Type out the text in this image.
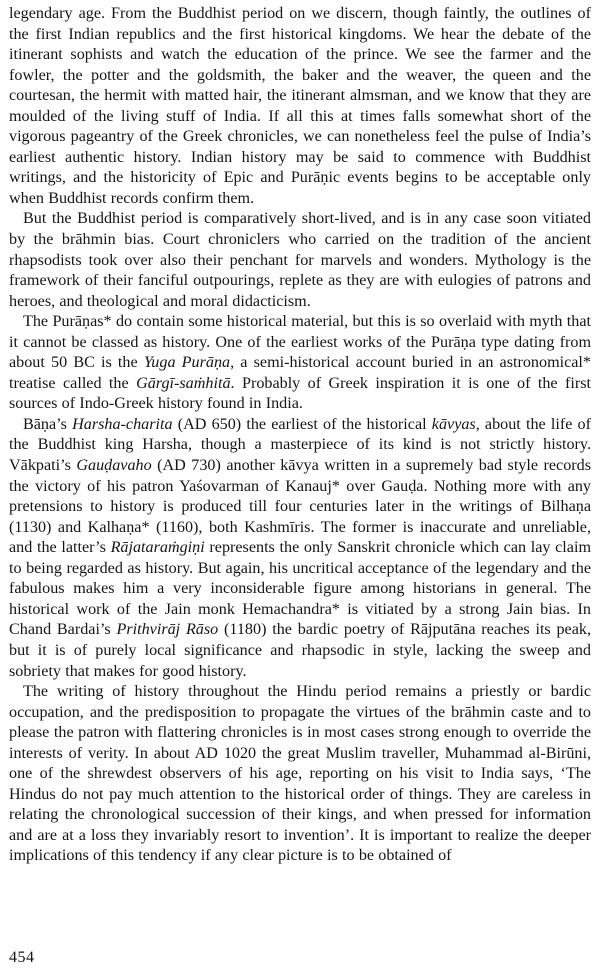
legendary age. From the Buddhist period on we discern, though faintly, the outlines of the first Indian republics and the first historical kingdoms. We hear the debate of the itinerant sophists and watch the education of the prince. We see the farmer and the fowler, the potter and the goldsmith, the baker and the weaver, the queen and the courtesan, the hermit with matted hair, the itinerant almsman, and we know that they are moulded of the living stuff of India. If all this at times falls somewhat short of the vigorous pageantry of the Greek chronicles, we can nonetheless feel the pulse of India’s earliest authentic history. Indian history may be said to commence with Buddhist writings, and the historicity of Epic and Purāṇic events begins to be acceptable only when Buddhist records confirm them.

But the Buddhist period is comparatively short-lived, and is in any case soon vitiated by the brāhmin bias. Court chroniclers who carried on the tradition of the ancient rhapsodists took over also their penchant for marvels and wonders. Mythology is the framework of their fanciful outpourings, replete as they are with eulogies of patrons and heroes, and theological and moral didacticism.

The Purāṇas* do contain some historical material, but this is so overlaid with myth that it cannot be classed as history. One of the earliest works of the Purāṇa type dating from about 50 BC is the Yuga Purāṇa, a semi-historical account buried in an astronomical* treatise called the Gārgī-saṁhitā. Probably of Greek inspiration it is one of the first sources of Indo-Greek history found in India.

Bāṇa’s Harsha-charita (AD 650) the earliest of the historical kāvyas, about the life of the Buddhist king Harsha, though a masterpiece of its kind is not strictly history. Vākpati’s Gauḍavaho (AD 730) another kāvya written in a supremely bad style records the victory of his patron Yaśovarman of Kanauj* over Gauḍa. Nothing more with any pretensions to history is produced till four centuries later in the writings of Bilhaṇa (1130) and Kalhaṇa* (1160), both Kashmīris. The former is inaccurate and unreliable, and the latter’s Rājataraṁgiṇi represents the only Sanskrit chronicle which can lay claim to being regarded as history. But again, his uncritical acceptance of the legendary and the fabulous makes him a very inconsiderable figure among historians in general. The historical work of the Jain monk Hemachandra* is vitiated by a strong Jain bias. In Chand Bardai’s Prithvirāj Rāso (1180) the bardic poetry of Rājputāna reaches its peak, but it is of purely local significance and rhapsodic in style, lacking the sweep and sobriety that makes for good history.

The writing of history throughout the Hindu period remains a priestly or bardic occupation, and the predisposition to propagate the virtues of the brāhmin caste and to please the patron with flattering chronicles is in most cases strong enough to override the interests of verity. In about AD 1020 the great Muslim traveller, Muhammad al-Birūni, one of the shrewdest observers of his age, reporting on his visit to India says, ‘The Hindus do not pay much attention to the historical order of things. They are careless in relating the chronological succession of their kings, and when pressed for information and are at a loss they invariably resort to invention’. It is important to realize the deeper implications of this tendency if any clear picture is to be obtained of

454
